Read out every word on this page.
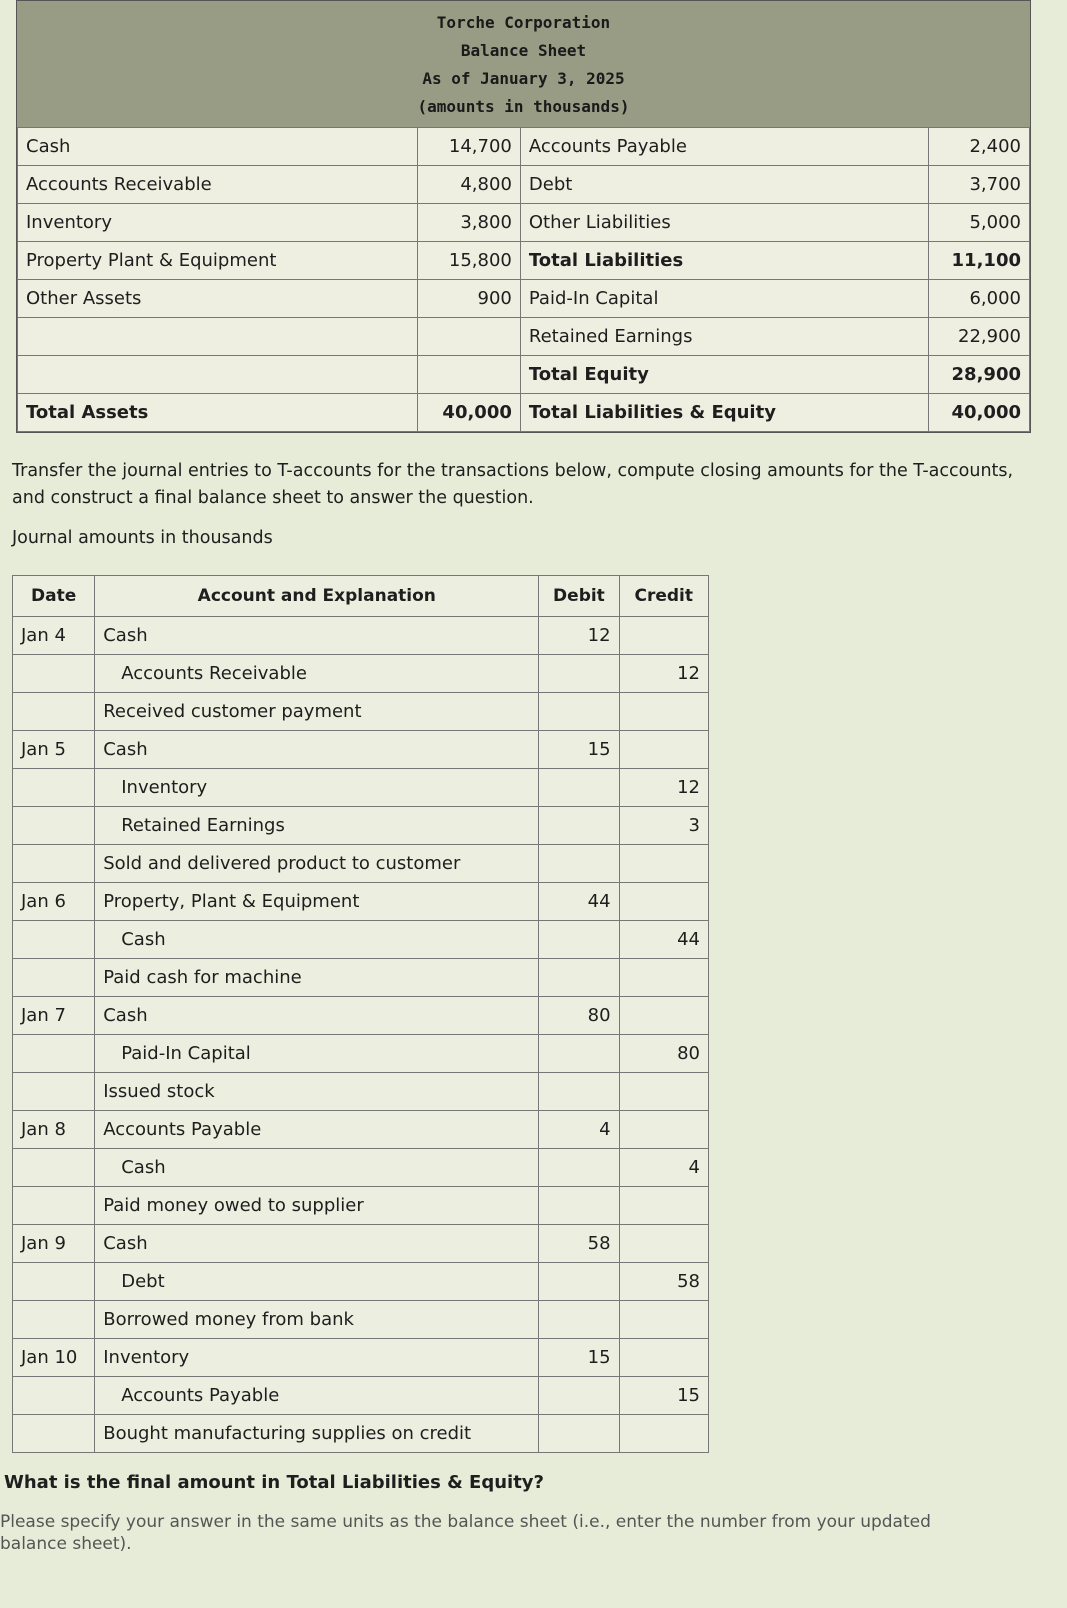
Torche Corporation
Balance Sheet
As of January 3, 2025
(amounts in thousands)
Cash	14,700	Accounts Payable	2,400
Accounts Receivable	4,800	Debt	3,700
Inventory	3,800	Other Liabilities	5,000
Property Plant & Equipment	15,800	Total Liabilities	11,100
Other Assets	900	Paid-In Capital	6,000
		Retained Earnings	22,900
		Total Equity	28,900
Total Assets	40,000	Total Liabilities & Equity	40,000
Transfer the journal entries to T-accounts for the transactions below, compute closing amounts for the T-accounts, and construct a final balance sheet to answer the question.
Journal amounts in thousands
Date	Account and Explanation	Debit	Credit
Jan 4	Cash	12	
	Accounts Receivable		12
	Received customer payment		
Jan 5	Cash	15	
	Inventory		12
	Retained Earnings		3
	Sold and delivered product to customer		
Jan 6	Property, Plant & Equipment	44	
	Cash		44
	Paid cash for machine		
Jan 7	Cash	80	
	Paid-In Capital		80
	Issued stock		
Jan 8	Accounts Payable	4	
	Cash		4
	Paid money owed to supplier		
Jan 9	Cash	58	
	Debt		58
	Borrowed money from bank		
Jan 10	Inventory	15	
	Accounts Payable		15
	Bought manufacturing supplies on credit		
What is the final amount in Total Liabilities & Equity?
Please specify your answer in the same units as the balance sheet (i.e., enter the number from your updated balance sheet).
